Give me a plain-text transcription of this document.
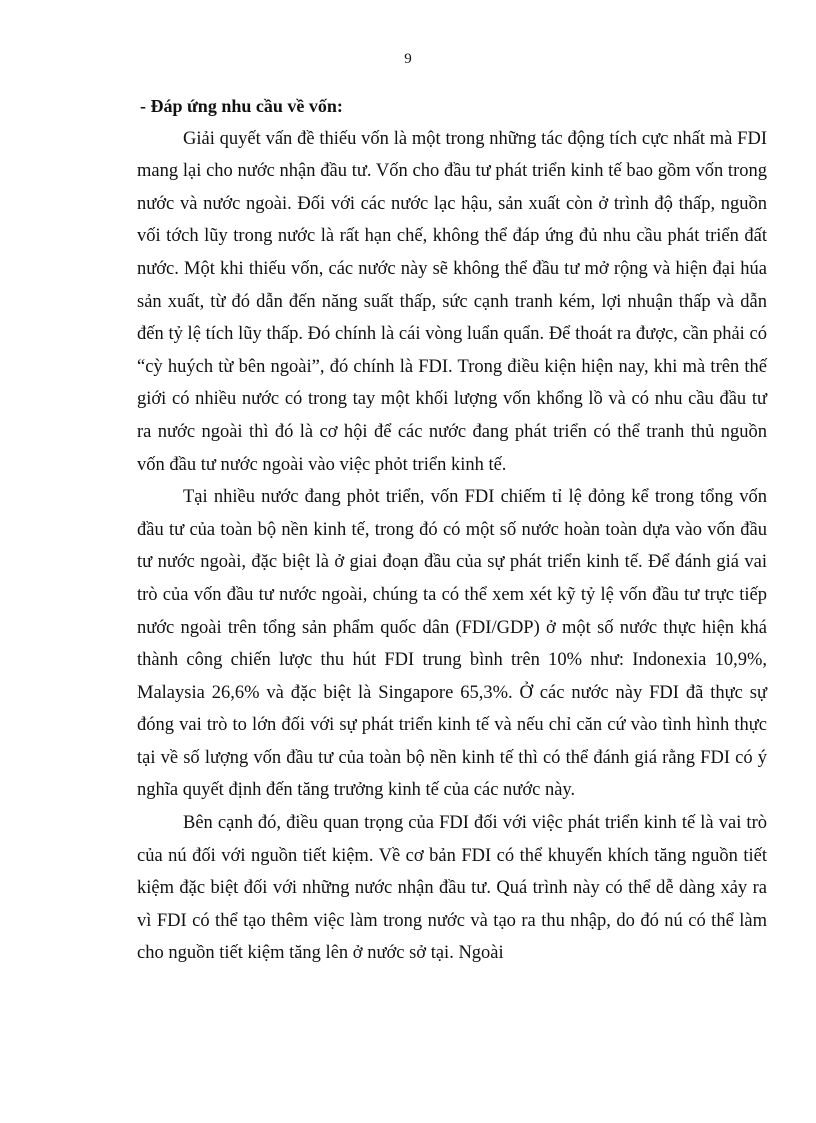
9

- Đáp ứng nhu cầu về vốn:

Giải quyết vấn đề thiếu vốn là một trong những tác động tích cực nhất mà FDI mang lại cho nước nhận đầu tư. Vốn cho đầu tư phát triển kinh tế bao gồm vốn trong nước và nước ngoài. Đối với các nước lạc hậu, sản xuất còn ở trình độ thấp, nguồn vối tớch lũy trong nước là rất hạn chế, không thể đáp ứng đủ nhu cầu phát triển đất nước. Một khi thiếu vốn, các nước này sẽ không thể đầu tư mở rộng và hiện đại húa sản xuất, từ đó dẫn đến năng suất thấp, sức cạnh tranh kém, lợi nhuận thấp và dẫn đến tỷ lệ tích lũy thấp. Đó chính là cái vòng luẩn quẩn. Để thoát ra được, cần phải có “cỳ huých từ bên ngoài”, đó chính là FDI. Trong điều kiện hiện nay, khi mà trên thế giới có nhiều nước có trong tay một khối lượng vốn khổng lồ và có nhu cầu đầu tư ra nước ngoài thì đó là cơ hội để các nước đang phát triển có thể tranh thủ nguồn vốn đầu tư nước ngoài vào việc phỏt triển kinh tế.

Tại nhiều nước đang phỏt triển, vốn FDI chiếm tỉ lệ đỏng kể trong tổng vốn đầu tư của toàn bộ nền kinh tế, trong đó có một số nước hoàn toàn dựa vào vốn đầu tư nước ngoài, đặc biệt là ở giai đoạn đầu của sự phát triển kinh tế. Để đánh giá vai trò của vốn đầu tư nước ngoài, chúng ta có thể xem xét kỹ tỷ lệ vốn đầu tư trực tiếp nước ngoài trên tổng sản phẩm quốc dân (FDI/GDP) ở một số nước thực hiện khá thành công chiến lược thu hút FDI trung bình trên 10% như: Indonexia 10,9%, Malaysia 26,6% và đặc biệt là Singapore 65,3%. Ở các nước này FDI đã thực sự đóng vai trò to lớn đối với sự phát triển kinh tế và nếu chỉ căn cứ vào tình hình thực tại về số lượng vốn đầu tư của toàn bộ nền kinh tế thì có thể đánh giá rằng FDI có ý nghĩa quyết định đến tăng trưởng kinh tế của các nước này.

Bên cạnh đó, điều quan trọng của FDI đối với việc phát triển kinh tế là vai trò của nú đối với nguồn tiết kiệm. Về cơ bản FDI có thể khuyến khích tăng nguồn tiết kiệm đặc biệt đối với những nước nhận đầu tư. Quá trình này có thể dễ dàng xảy ra vì FDI có thể tạo thêm việc làm trong nước và tạo ra thu nhập, do đó nú có thể làm cho nguồn tiết kiệm tăng lên ở nước sở tại. Ngoài
